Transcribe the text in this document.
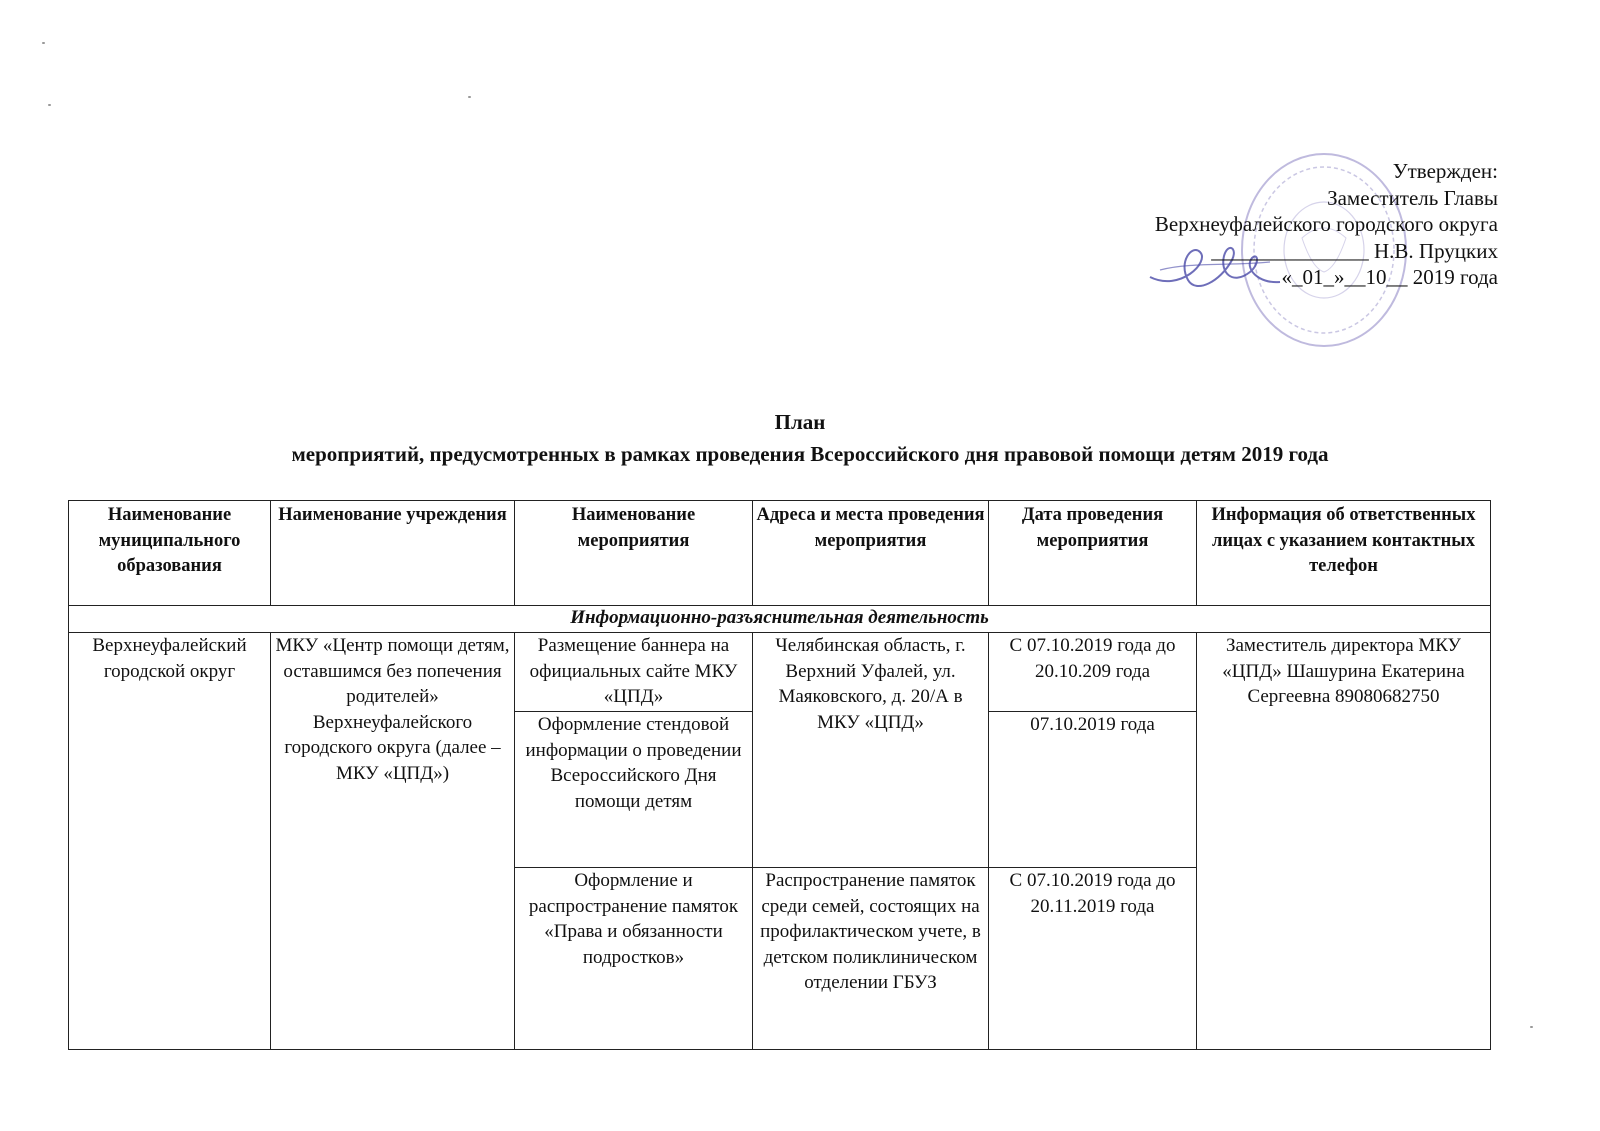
Утвержден:
Заместитель Главы
Верхнеуфалейского городского округа
_______________ Н.В. Пруцких
«_01_»__10__ 2019 года
План
мероприятий, предусмотренных в рамках проведения Всероссийского дня правовой помощи детям 2019 года
Наименование муниципального образования	Наименование учреждения	Наименование мероприятия	Адреса и места проведения мероприятия	Дата проведения мероприятия	Информация об ответственных лицах с указанием контактных телефон
Информационно-разъяснительная деятельность					
Верхнеуфалейский городской округ	МКУ «Центр помощи детям, оставшимся без попечения родителей» Верхнеуфалейского городского округа (далее – МКУ «ЦПД»)	Размещение баннера на официальных сайте МКУ «ЦПД»	Челябинская область, г. Верхний Уфалей, ул. Маяковского, д. 20/А в МКУ «ЦПД»	С 07.10.2019 года до 20.10.209 года	Заместитель директора МКУ «ЦПД» Шашурина Екатерина Сергеевна 89080682750
		Оформление стендовой информации о проведении Всероссийского Дня помощи детям		07.10.2019 года	
		Оформление и распространение памяток «Права и обязанности подростков»	Распространение памяток среди семей, состоящих на профилактическом учете, в детском поликлиническом отделении ГБУЗ	С 07.10.2019 года до 20.11.2019 года	
